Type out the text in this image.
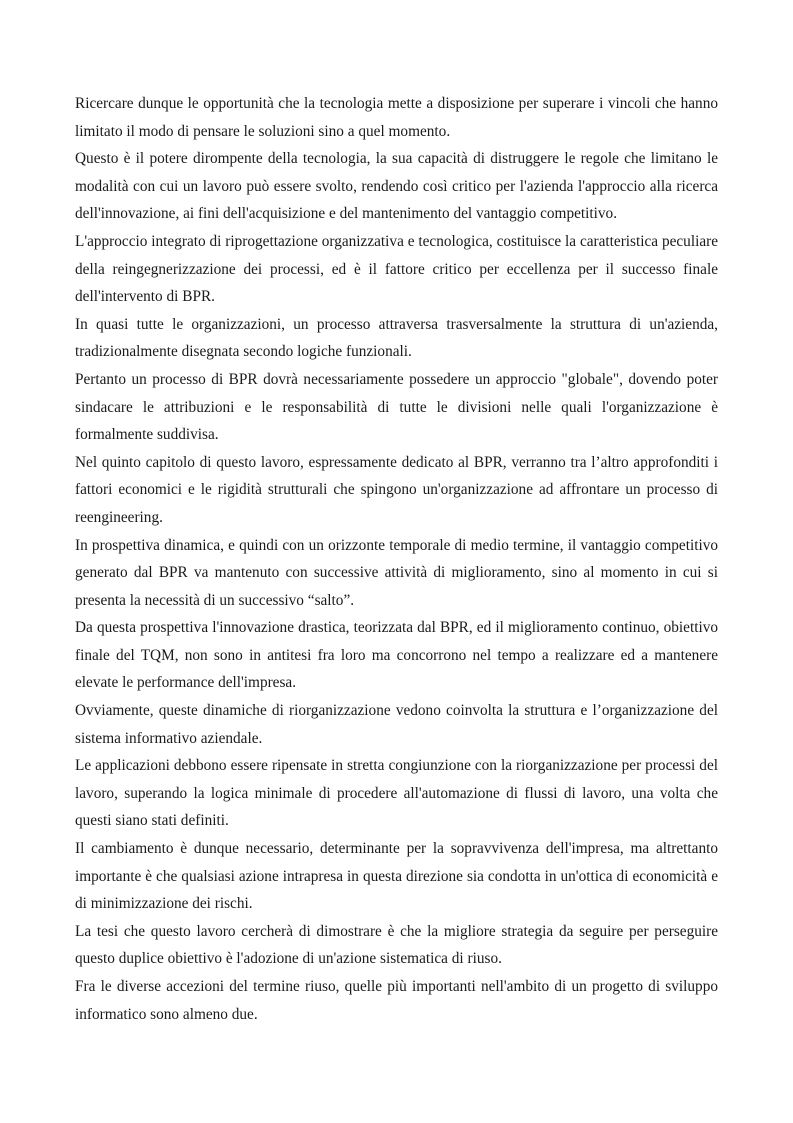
Ricercare dunque le opportunità che la tecnologia mette a disposizione per superare i vincoli che hanno limitato il modo di pensare le soluzioni sino a quel momento.

Questo è il potere dirompente della tecnologia, la sua capacità di distruggere le regole che limitano le modalità con cui un lavoro può essere svolto, rendendo così critico per l'azienda l'approccio alla ricerca dell'innovazione, ai fini dell'acquisizione e del mantenimento del vantaggio competitivo.

L'approccio integrato di riprogettazione organizzativa e tecnologica, costituisce la caratteristica peculiare della reingegnerizzazione dei processi, ed è il fattore critico per eccellenza per il successo finale dell'intervento di BPR.

In quasi tutte le organizzazioni, un processo attraversa trasversalmente la struttura di un'azienda, tradizionalmente disegnata secondo logiche funzionali.

Pertanto un processo di BPR dovrà necessariamente possedere un approccio "globale", dovendo poter sindacare le attribuzioni e le responsabilità di tutte le divisioni nelle quali l'organizzazione è formalmente suddivisa.

Nel quinto capitolo di questo lavoro, espressamente dedicato al BPR, verranno tra l’altro approfonditi i fattori economici e le rigidità strutturali che spingono un'organizzazione ad affrontare un processo di reengineering.

In prospettiva dinamica, e quindi con un orizzonte temporale di medio termine, il vantaggio competitivo generato dal BPR va mantenuto con successive attività di miglioramento, sino al momento in cui si presenta la necessità di un successivo “salto”.

Da questa prospettiva l'innovazione drastica, teorizzata dal BPR, ed il miglioramento continuo, obiettivo finale del TQM, non sono in antitesi fra loro ma concorrono nel tempo a realizzare ed a mantenere elevate le performance dell'impresa.

Ovviamente, queste dinamiche di riorganizzazione vedono coinvolta la struttura e l’organizzazione del sistema informativo aziendale.

Le applicazioni debbono essere ripensate in stretta congiunzione con la riorganizzazione per processi del lavoro, superando la logica minimale di procedere all'automazione di flussi di lavoro, una volta che questi siano stati definiti.

Il cambiamento è dunque necessario, determinante per la sopravvivenza dell'impresa, ma altrettanto importante è che qualsiasi azione intrapresa in questa direzione sia condotta in un'ottica di economicità e di minimizzazione dei rischi.

La tesi che questo lavoro cercherà di dimostrare è che la migliore strategia da seguire per perseguire questo duplice obiettivo è l'adozione di un'azione sistematica di riuso.

Fra le diverse accezioni del termine riuso, quelle più importanti nell'ambito di un progetto di sviluppo informatico sono almeno due.
